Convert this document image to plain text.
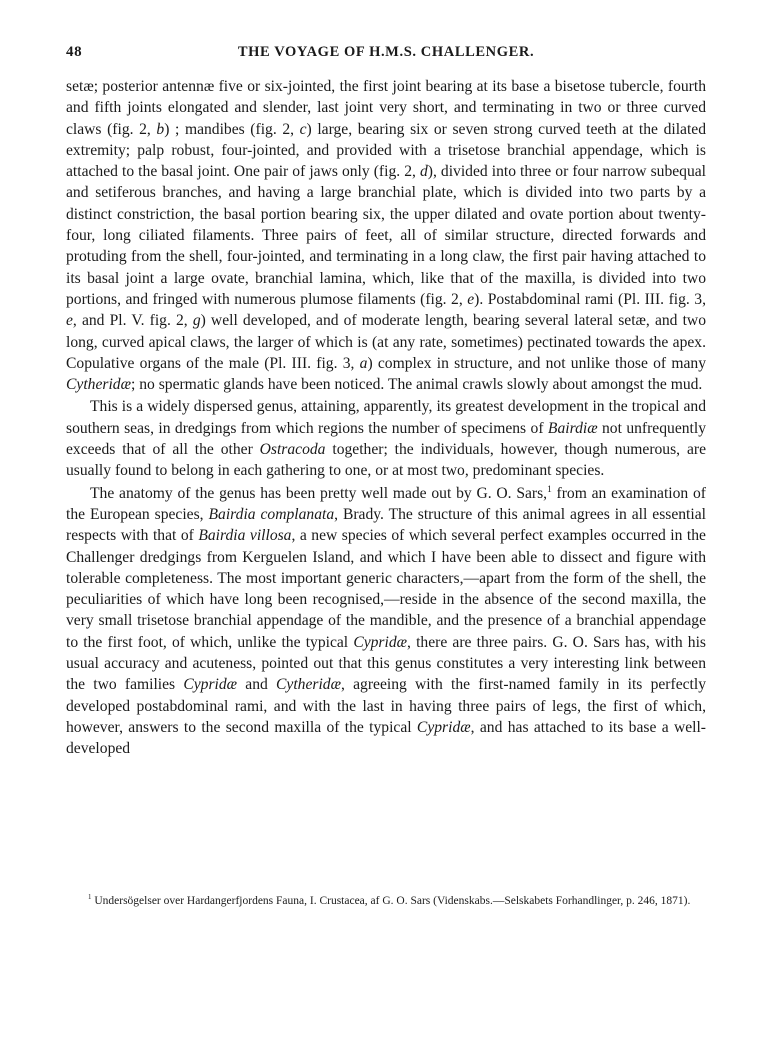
48	THE VOYAGE OF H.M.S. CHALLENGER.

setæ; posterior antennæ five or six-jointed, the first joint bearing at its base a bisetose tubercle, fourth and fifth joints elongated and slender, last joint very short, and terminating in two or three curved claws (fig. 2, b) ; mandibes (fig. 2, c) large, bearing six or seven strong curved teeth at the dilated extremity; palp robust, four-jointed, and provided with a trisetose branchial appendage, which is attached to the basal joint. One pair of jaws only (fig. 2, d), divided into three or four narrow subequal and setiferous branches, and having a large branchial plate, which is divided into two parts by a distinct constriction, the basal portion bearing six, the upper dilated and ovate portion about twenty-four, long ciliated filaments. Three pairs of feet, all of similar structure, directed forwards and protuding from the shell, four-jointed, and terminating in a long claw, the first pair having attached to its basal joint a large ovate, branchial lamina, which, like that of the maxilla, is divided into two portions, and fringed with numerous plumose filaments (fig. 2, e). Postabdominal rami (Pl. III. fig. 3, e, and Pl. V. fig. 2, g) well developed, and of moderate length, bearing several lateral setæ, and two long, curved apical claws, the larger of which is (at any rate, sometimes) pectinated towards the apex. Copulative organs of the male (Pl. III. fig. 3, a) complex in structure, and not unlike those of many Cytheridæ; no spermatic glands have been noticed. The animal crawls slowly about amongst the mud.

This is a widely dispersed genus, attaining, apparently, its greatest development in the tropical and southern seas, in dredgings from which regions the number of specimens of Bairdiæ not unfrequently exceeds that of all the other Ostracoda together; the individuals, however, though numerous, are usually found to belong in each gathering to one, or at most two, predominant species.

The anatomy of the genus has been pretty well made out by G. O. Sars,$^1$ from an examination of the European species, Bairdia complanata, Brady. The structure of this animal agrees in all essential respects with that of Bairdia villosa, a new species of which several perfect examples occurred in the Challenger dredgings from Kerguelen Island, and which I have been able to dissect and figure with tolerable completeness. The most important generic characters,—apart from the form of the shell, the peculiarities of which have long been recognised,—reside in the absence of the second maxilla, the very small trisetose branchial appendage of the mandible, and the presence of a branchial appendage to the first foot, of which, unlike the typical Cypridæ, there are three pairs. G. O. Sars has, with his usual accuracy and acuteness, pointed out that this genus constitutes a very interesting link between the two families Cypridæ and Cytheridæ, agreeing with the first-named family in its perfectly developed postabdominal rami, and with the last in having three pairs of legs, the first of which, however, answers to the second maxilla of the typical Cypridæ, and has attached to its base a well-developed

$^1$ Undersögelser over Hardangerfjordens Fauna, I. Crustacea, af G. O. Sars (Videnskabs.—Selskabets Forhandlinger, p. 246, 1871).
